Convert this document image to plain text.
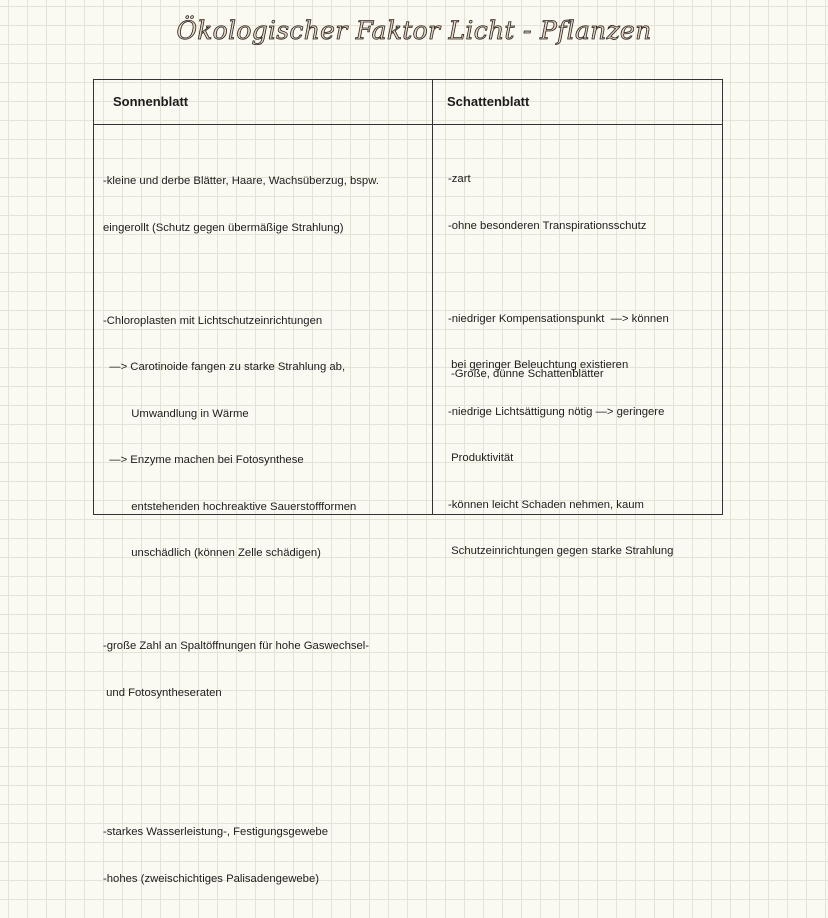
Ökologischer Faktor Licht - Pflanzen
Sonnenblatt	Schattenblatt

-kleine und derbe Blätter, Haare, Wachsüberzug, bspw.

eingerollt (Schutz gegen übermäßige Strahlung)

-Chloroplasten mit Lichtschutzeinrichtungen

—> Carotinoide fangen zu starke Strahlung ab,

Umwandlung in Wärme

—> Enzyme machen bei Fotosynthese

entstehenden hochreaktive Sauerstoffformen

unschädlich (können Zelle schädigen)

-große Zahl an Spaltöffnungen für hohe Gaswechsel-

und Fotosyntheseraten

-starkes Wasserleistung-, Festigungsgewebe

-hohes (zweischichtiges Palisadengewebe)

-zart

-ohne besonderen Transpirationsschutz

-niedriger Kompensationspunkt  —> können

bei geringer Beleuchtung existieren

-niedrige Lichtsättigung nötig —> geringere

Produktivität

-können leicht Schaden nehmen, kaum

Schutzeinrichtungen gegen starke Strahlung

-Große, dünne Schattenblätter
